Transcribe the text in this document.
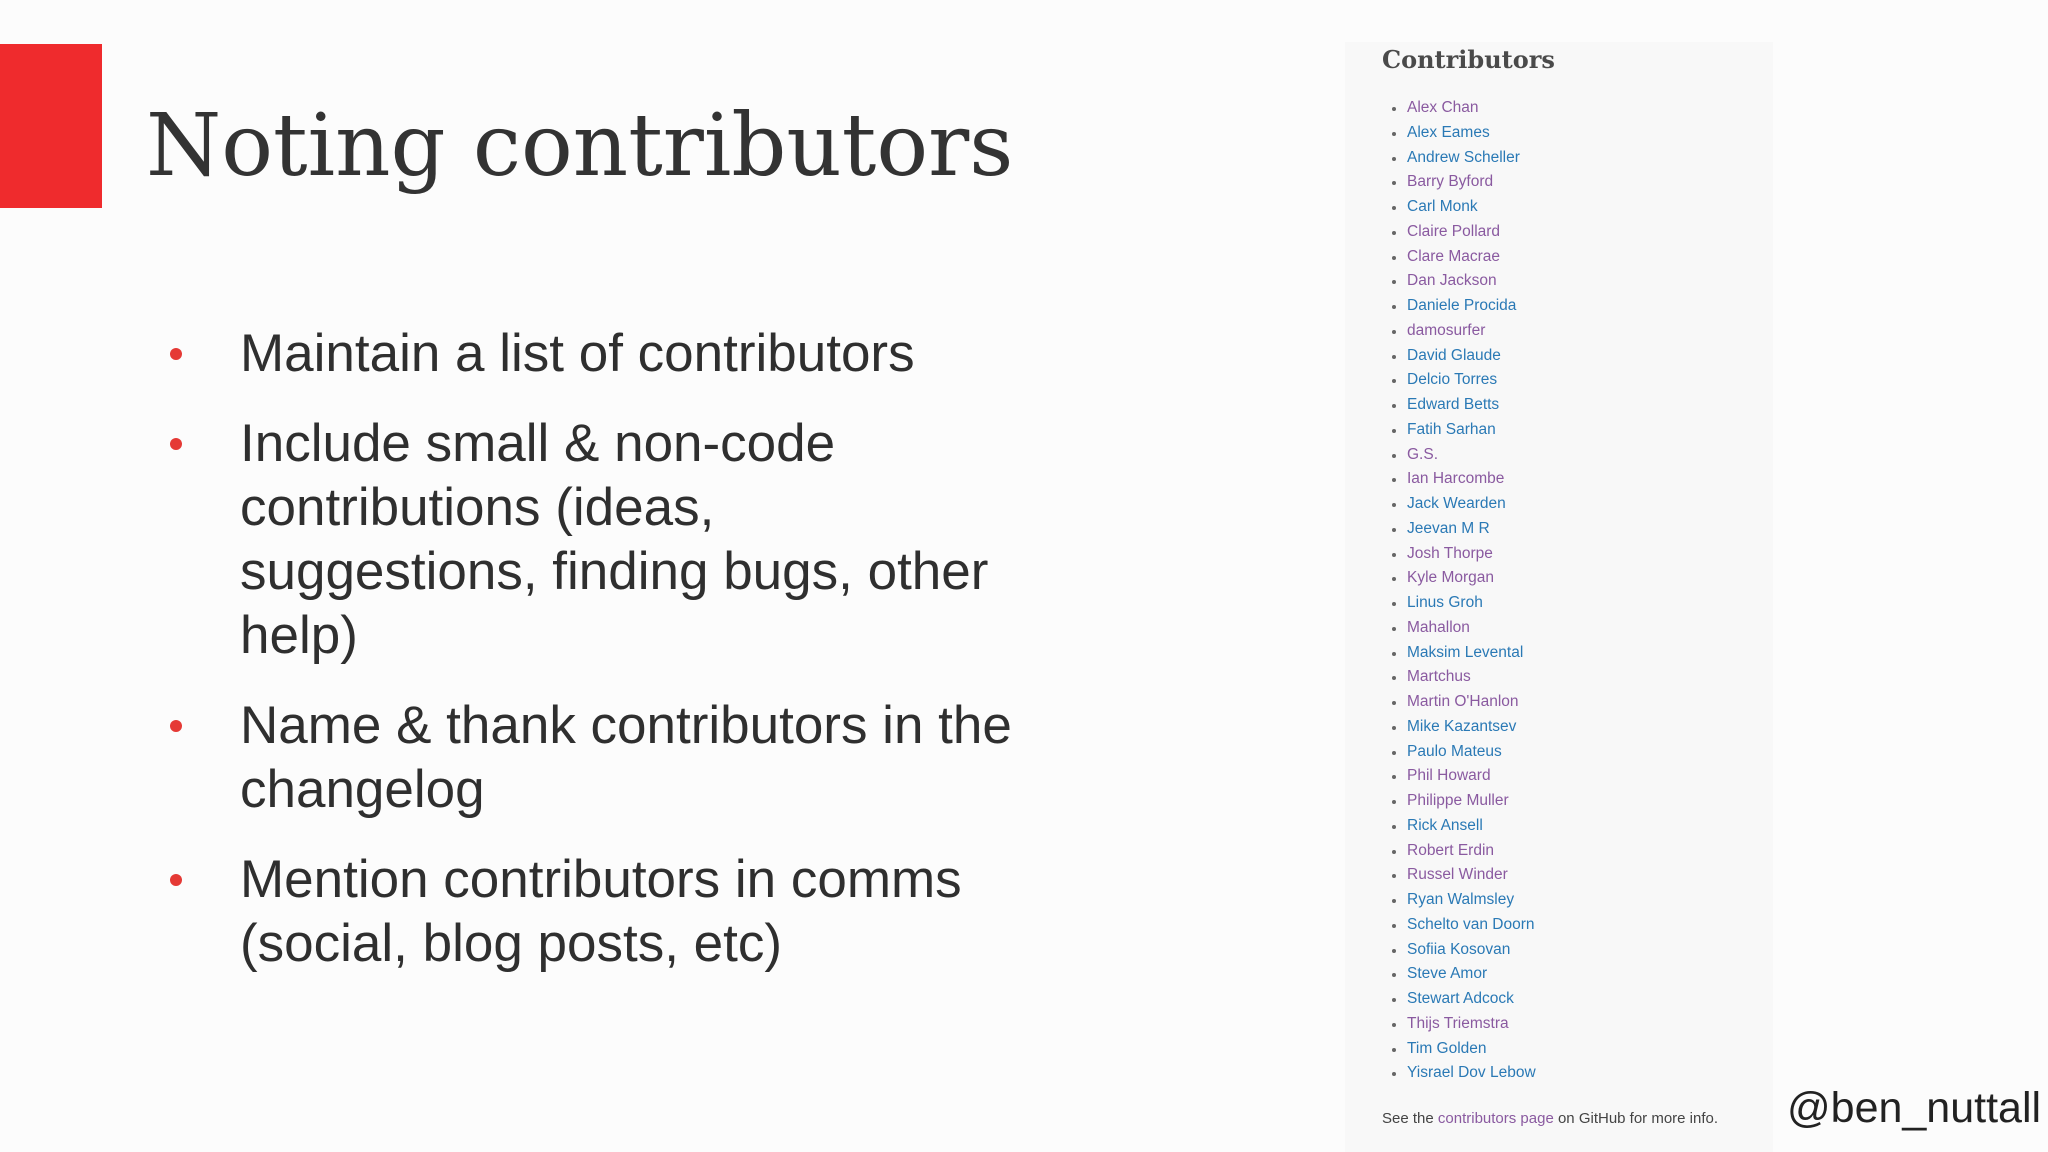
Noting contributors
Maintain a list of contributors
Include small & non-code contributions (ideas, suggestions, finding bugs, other help)
Name & thank contributors in the changelog
Mention contributors in comms (social, blog posts, etc)
Contributors
Alex Chan
Alex Eames
Andrew Scheller
Barry Byford
Carl Monk
Claire Pollard
Clare Macrae
Dan Jackson
Daniele Procida
damosurfer
David Glaude
Delcio Torres
Edward Betts
Fatih Sarhan
G.S.
Ian Harcombe
Jack Wearden
Jeevan M R
Josh Thorpe
Kyle Morgan
Linus Groh
Mahallon
Maksim Levental
Martchus
Martin O'Hanlon
Mike Kazantsev
Paulo Mateus
Phil Howard
Philippe Muller
Rick Ansell
Robert Erdin
Russel Winder
Ryan Walmsley
Schelto van Doorn
Sofiia Kosovan
Steve Amor
Stewart Adcock
Thijs Triemstra
Tim Golden
Yisrael Dov Lebow
See the contributors page on GitHub for more info. @ben_nuttall
